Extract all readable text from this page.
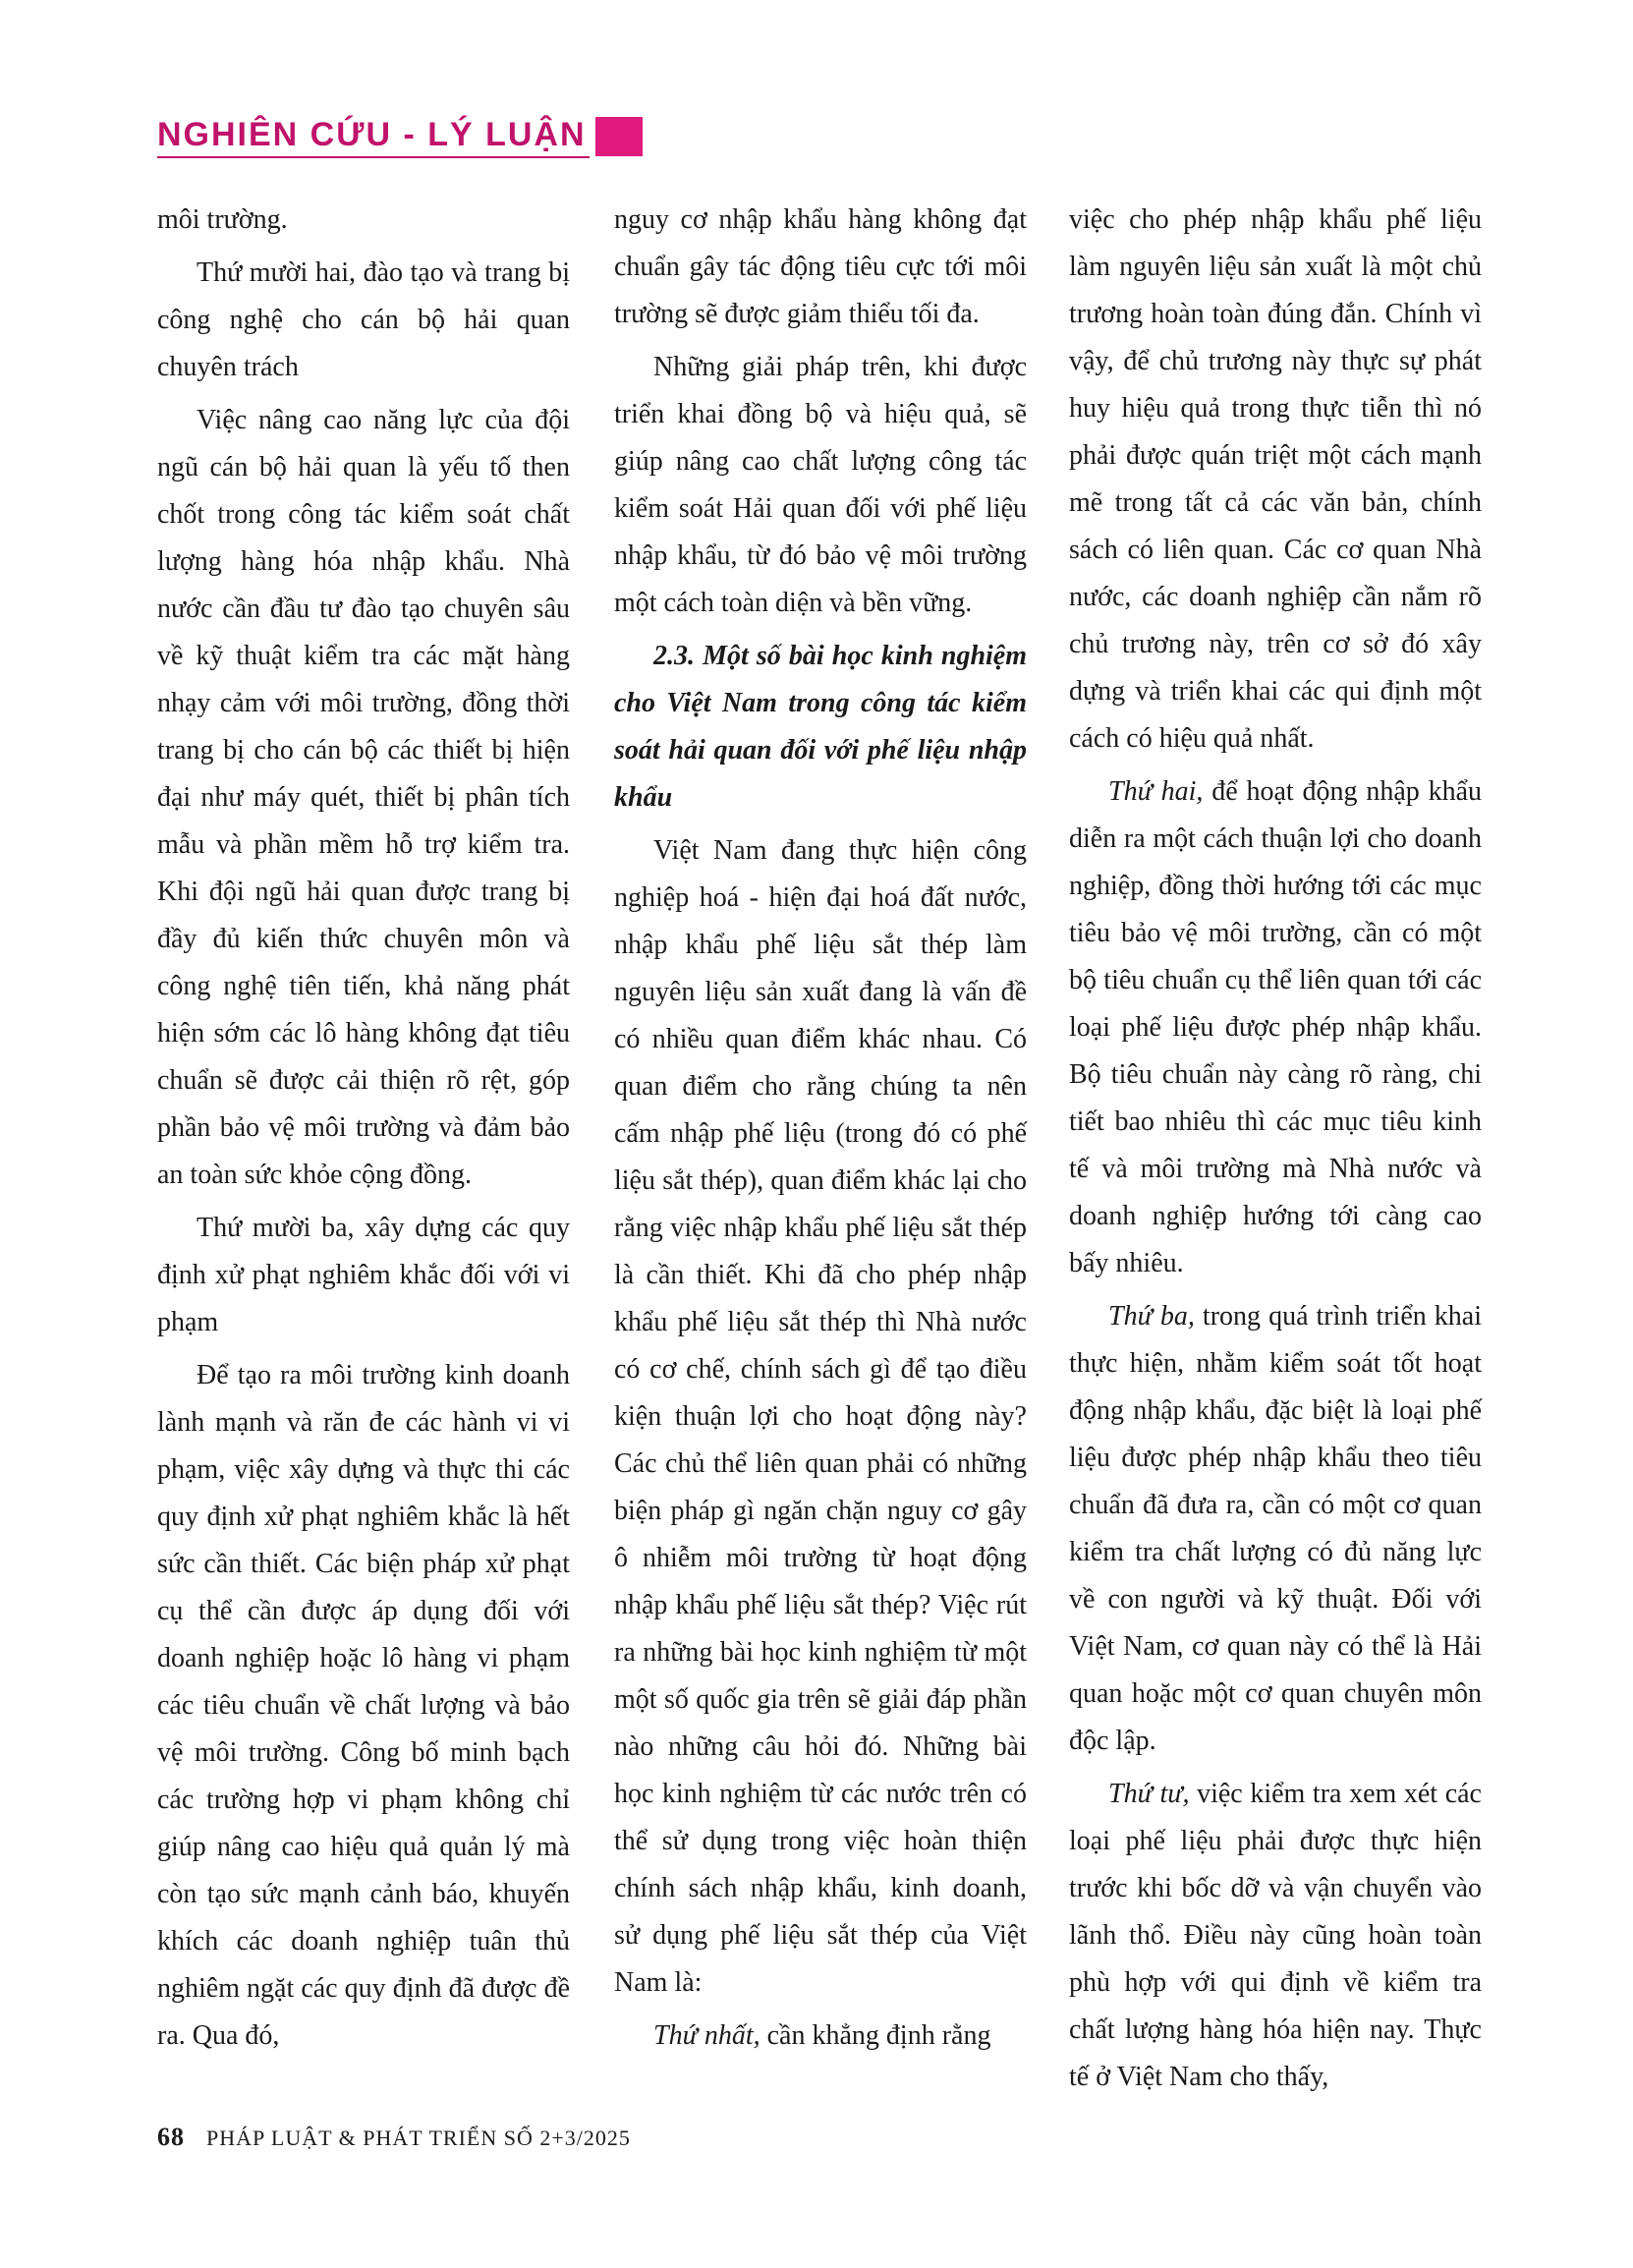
NGHIÊN CỨU - LÝ LUẬN

môi trường.

Thứ mười hai, đào tạo và trang bị công nghệ cho cán bộ hải quan chuyên trách

Việc nâng cao năng lực của đội ngũ cán bộ hải quan là yếu tố then chốt trong công tác kiểm soát chất lượng hàng hóa nhập khẩu. Nhà nước cần đầu tư đào tạo chuyên sâu về kỹ thuật kiểm tra các mặt hàng nhạy cảm với môi trường, đồng thời trang bị cho cán bộ các thiết bị hiện đại như máy quét, thiết bị phân tích mẫu và phần mềm hỗ trợ kiểm tra. Khi đội ngũ hải quan được trang bị đầy đủ kiến thức chuyên môn và công nghệ tiên tiến, khả năng phát hiện sớm các lô hàng không đạt tiêu chuẩn sẽ được cải thiện rõ rệt, góp phần bảo vệ môi trường và đảm bảo an toàn sức khỏe cộng đồng.

Thứ mười ba, xây dựng các quy định xử phạt nghiêm khắc đối với vi phạm

Để tạo ra môi trường kinh doanh lành mạnh và răn đe các hành vi vi phạm, việc xây dựng và thực thi các quy định xử phạt nghiêm khắc là hết sức cần thiết. Các biện pháp xử phạt cụ thể cần được áp dụng đối với doanh nghiệp hoặc lô hàng vi phạm các tiêu chuẩn về chất lượng và bảo vệ môi trường. Công bố minh bạch các trường hợp vi phạm không chỉ giúp nâng cao hiệu quả quản lý mà còn tạo sức mạnh cảnh báo, khuyến khích các doanh nghiệp tuân thủ nghiêm ngặt các quy định đã được đề ra. Qua đó,

nguy cơ nhập khẩu hàng không đạt chuẩn gây tác động tiêu cực tới môi trường sẽ được giảm thiểu tối đa.

Những giải pháp trên, khi được triển khai đồng bộ và hiệu quả, sẽ giúp nâng cao chất lượng công tác kiểm soát Hải quan đối với phế liệu nhập khẩu, từ đó bảo vệ môi trường một cách toàn diện và bền vững.

2.3. Một số bài học kinh nghiệm cho Việt Nam trong công tác kiểm soát hải quan đối với phế liệu nhập khẩu

Việt Nam đang thực hiện công nghiệp hoá - hiện đại hoá đất nước, nhập khẩu phế liệu sắt thép làm nguyên liệu sản xuất đang là vấn đề có nhiều quan điểm khác nhau. Có quan điểm cho rằng chúng ta nên cấm nhập phế liệu (trong đó có phế liệu sắt thép), quan điểm khác lại cho rằng việc nhập khẩu phế liệu sắt thép là cần thiết. Khi đã cho phép nhập khẩu phế liệu sắt thép thì Nhà nước có cơ chế, chính sách gì để tạo điều kiện thuận lợi cho hoạt động này? Các chủ thể liên quan phải có những biện pháp gì ngăn chặn nguy cơ gây ô nhiễm môi trường từ hoạt động nhập khẩu phế liệu sắt thép? Việc rút ra những bài học kinh nghiệm từ một một số quốc gia trên sẽ giải đáp phần nào những câu hỏi đó. Những bài học kinh nghiệm từ các nước trên có thể sử dụng trong việc hoàn thiện chính sách nhập khẩu, kinh doanh, sử dụng phế liệu sắt thép của Việt Nam là:

Thứ nhất, cần khẳng định rằng

việc cho phép nhập khẩu phế liệu làm nguyên liệu sản xuất là một chủ trương hoàn toàn đúng đắn. Chính vì vậy, để chủ trương này thực sự phát huy hiệu quả trong thực tiễn thì nó phải được quán triệt một cách mạnh mẽ trong tất cả các văn bản, chính sách có liên quan. Các cơ quan Nhà nước, các doanh nghiệp cần nắm rõ chủ trương này, trên cơ sở đó xây dựng và triển khai các qui định một cách có hiệu quả nhất.

Thứ hai, để hoạt động nhập khẩu diễn ra một cách thuận lợi cho doanh nghiệp, đồng thời hướng tới các mục tiêu bảo vệ môi trường, cần có một bộ tiêu chuẩn cụ thể liên quan tới các loại phế liệu được phép nhập khẩu. Bộ tiêu chuẩn này càng rõ ràng, chi tiết bao nhiêu thì các mục tiêu kinh tế và môi trường mà Nhà nước và doanh nghiệp hướng tới càng cao bấy nhiêu.

Thứ ba, trong quá trình triển khai thực hiện, nhằm kiểm soát tốt hoạt động nhập khẩu, đặc biệt là loại phế liệu được phép nhập khẩu theo tiêu chuẩn đã đưa ra, cần có một cơ quan kiểm tra chất lượng có đủ năng lực về con người và kỹ thuật. Đối với Việt Nam, cơ quan này có thể là Hải quan hoặc một cơ quan chuyên môn độc lập.

Thứ tư, việc kiểm tra xem xét các loại phế liệu phải được thực hiện trước khi bốc dỡ và vận chuyển vào lãnh thổ. Điều này cũng hoàn toàn phù hợp với qui định về kiểm tra chất lượng hàng hóa hiện nay. Thực tế ở Việt Nam cho thấy,

68 PHÁP LUẬT & PHÁT TRIỂN SỐ 2+3/2025
